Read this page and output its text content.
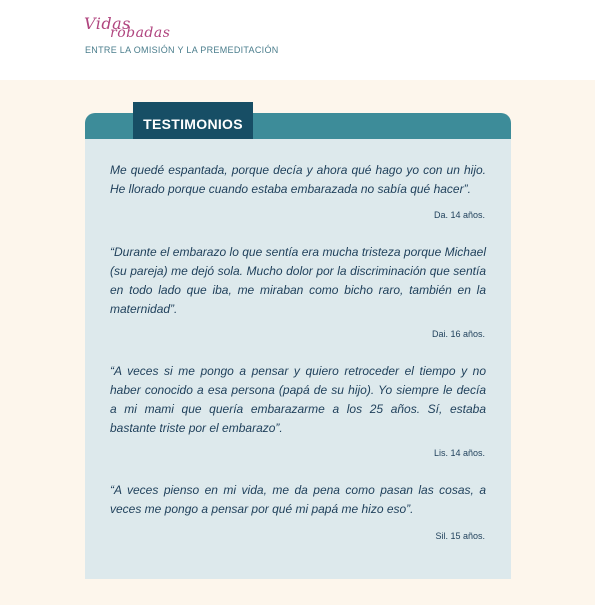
Vidas
robadas
ENTRE LA OMISIÓN Y LA PREMEDITACIÓN
TESTIMONIOS
Me quedé espantada, porque decía y ahora qué hago yo con un hijo. He llorado porque cuando estaba embarazada no sabía qué hacer”.
Da. 14 años.
“Durante el embarazo lo que sentía era mucha tristeza porque Michael (su pareja) me dejó sola. Mucho dolor por la discriminación que sentía en todo lado que iba, me miraban como bicho raro, también en la maternidad”.
Dai. 16 años.
“A veces si me pongo a pensar y quiero retroceder el tiempo y no haber conocido a esa persona (papá de su hijo). Yo siempre le decía a mi mami que quería embarazarme a los 25 años. Sí, estaba bastante triste por el embarazo”.
Lis. 14 años.
“A veces pienso en mi vida, me da pena como pasan las cosas, a veces me pongo a pensar por qué mi papá me hizo eso”.
Sil. 15 años.
